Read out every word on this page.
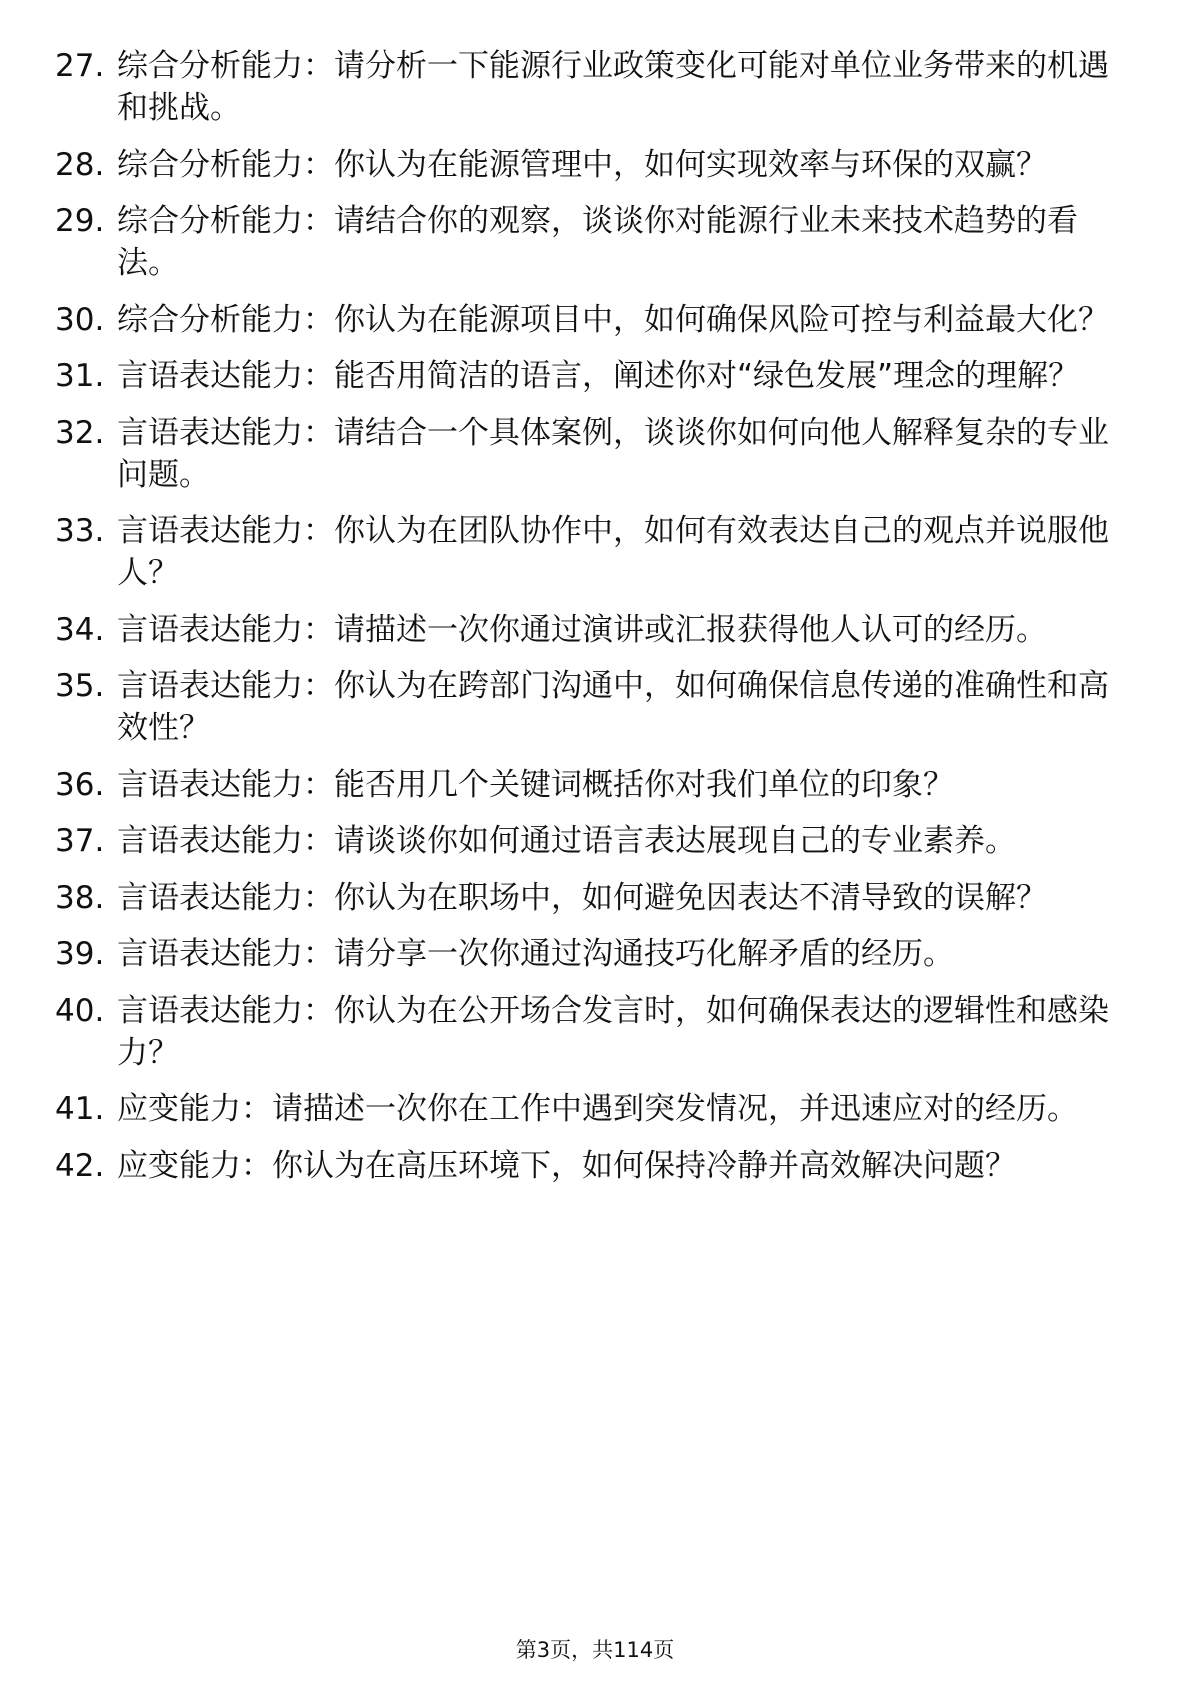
27. 综合分析能力：请分析一下能源行业政策变化可能对单位业务带来的机遇和挑战。
28. 综合分析能力：你认为在能源管理中，如何实现效率与环保的双赢？
29. 综合分析能力：请结合你的观察，谈谈你对能源行业未来技术趋势的看法。
30. 综合分析能力：你认为在能源项目中，如何确保风险可控与利益最大化？
31. 言语表达能力：能否用简洁的语言，阐述你对“绿色发展”理念的理解？
32. 言语表达能力：请结合一个具体案例，谈谈你如何向他人解释复杂的专业问题。
33. 言语表达能力：你认为在团队协作中，如何有效表达自己的观点并说服他人？
34. 言语表达能力：请描述一次你通过演讲或汇报获得他人认可的经历。
35. 言语表达能力：你认为在跨部门沟通中，如何确保信息传递的准确性和高效性？
36. 言语表达能力：能否用几个关键词概括你对我们单位的印象？
37. 言语表达能力：请谈谈你如何通过语言表达展现自己的专业素养。
38. 言语表达能力：你认为在职场中，如何避免因表达不清导致的误解？
39. 言语表达能力：请分享一次你通过沟通技巧化解矛盾的经历。
40. 言语表达能力：你认为在公开场合发言时，如何确保表达的逻辑性和感染力？
41. 应变能力：请描述一次你在工作中遇到突发情况，并迅速应对的经历。
42. 应变能力：你认为在高压环境下，如何保持冷静并高效解决问题？
第3页，共114页
